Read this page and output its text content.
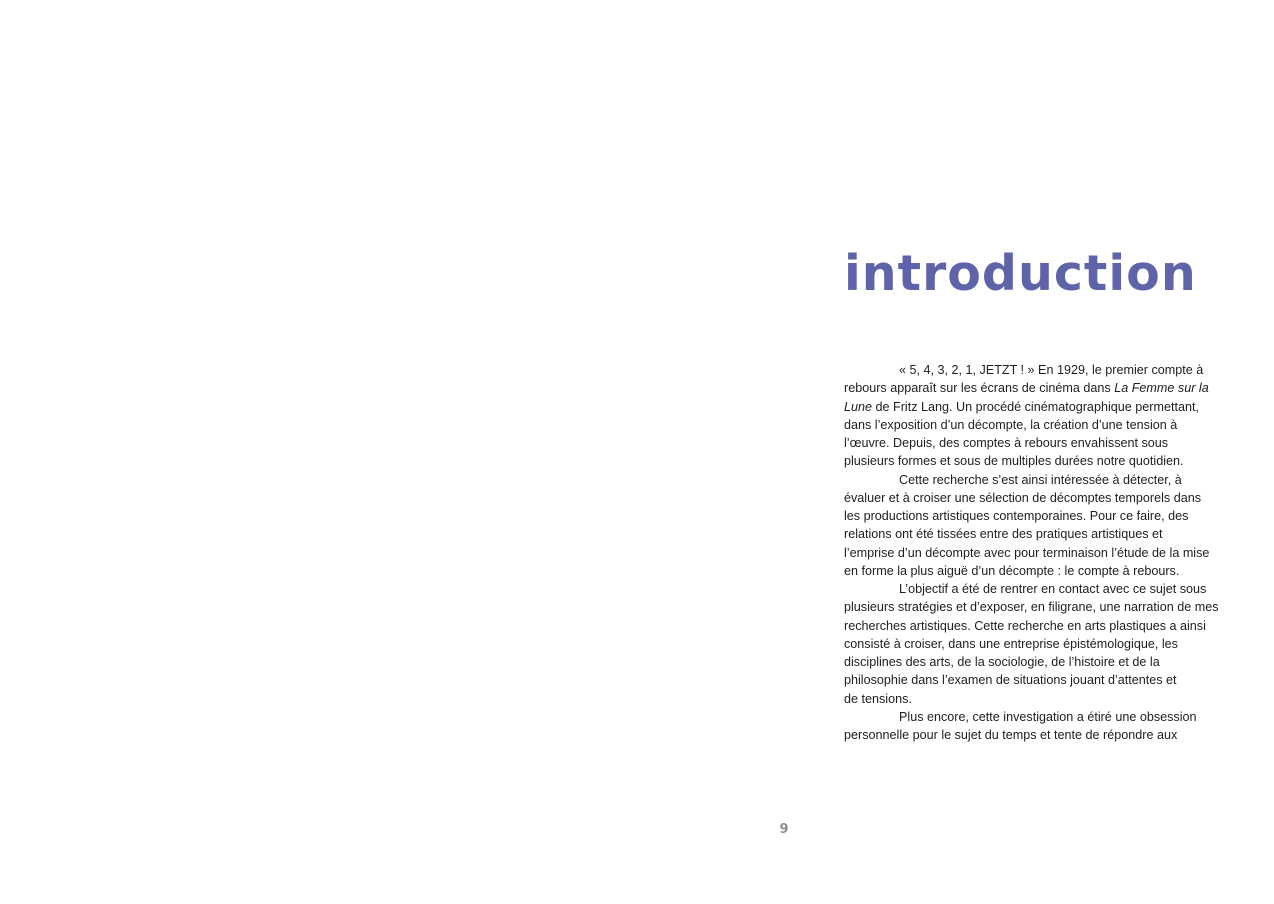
introduction

« 5, 4, 3, 2, 1, JETZT ! » En 1929, le premier compte à
rebours apparaît sur les écrans de cinéma dans La Femme sur la
Lune de Fritz Lang. Un procédé cinématographique permettant,
dans l’exposition d’un décompte, la création d’une tension à
l’œuvre. Depuis, des comptes à rebours envahissent sous
plusieurs formes et sous de multiples durées notre quotidien.

Cette recherche s’est ainsi intéressée à détecter, à
évaluer et à croiser une sélection de décomptes temporels dans
les productions artistiques contemporaines. Pour ce faire, des
relations ont été tissées entre des pratiques artistiques et
l’emprise d’un décompte avec pour terminaison l’étude de la mise
en forme la plus aiguë d’un décompte : le compte à rebours.

L’objectif a été de rentrer en contact avec ce sujet sous
plusieurs stratégies et d’exposer, en filigrane, une narration de mes
recherches artistiques. Cette recherche en arts plastiques a ainsi
consisté à croiser, dans une entreprise épistémologique, les
disciplines des arts, de la sociologie, de l’histoire et de la
philosophie dans l’examen de situations jouant d’attentes et
de tensions.

Plus encore, cette investigation a étiré une obsession
personnelle pour le sujet du temps et tente de répondre aux

9
